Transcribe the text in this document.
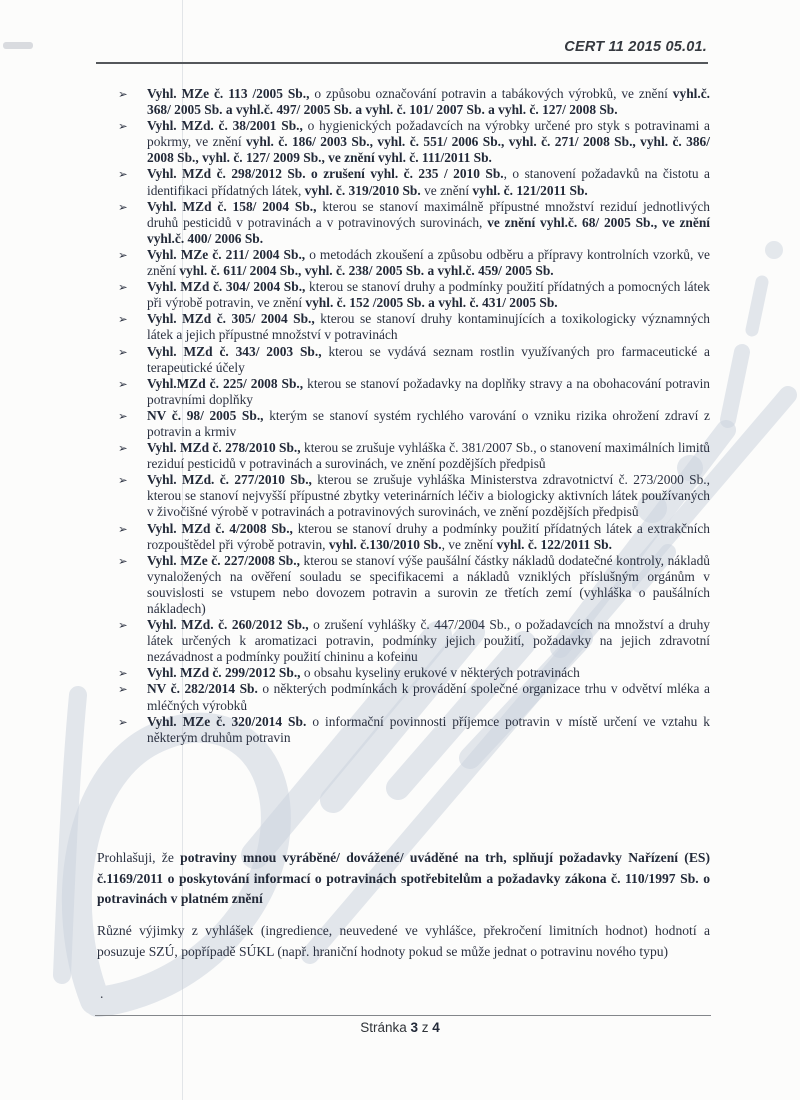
CERT 11 2015 05.01.
➢ Vyhl. MZe č. 113 /2005 Sb., o způsobu označování potravin a tabákových výrobků, ve znění vyhl.č. 368/ 2005 Sb. a vyhl.č. 497/ 2005 Sb. a vyhl. č. 101/ 2007 Sb. a vyhl. č. 127/ 2008 Sb.
➢ Vyhl. MZd. č. 38/2001 Sb., o hygienických požadavcích na výrobky určené pro styk s potravinami a pokrmy, ve znění vyhl. č. 186/ 2003 Sb., vyhl. č. 551/ 2006 Sb., vyhl. č. 271/ 2008 Sb., vyhl. č. 386/ 2008 Sb., vyhl. č. 127/ 2009 Sb., ve znění vyhl. č. 111/2011 Sb.
➢ Vyhl. MZd č. 298/2012 Sb. o zrušení vyhl. č. 235 / 2010 Sb., o stanovení požadavků na čistotu a identifikaci přídatných látek, vyhl. č. 319/2010 Sb. ve znění vyhl. č. 121/2011 Sb.
➢ Vyhl. MZd č. 158/ 2004 Sb., kterou se stanoví maximálně přípustné množství reziduí jednotlivých druhů pesticidů v potravinách a v potravinových surovinách, ve znění vyhl.č. 68/ 2005 Sb., ve znění vyhl.č. 400/ 2006 Sb.
➢ Vyhl. MZe č. 211/ 2004 Sb., o metodách zkoušení a způsobu odběru a přípravy kontrolních vzorků, ve znění vyhl. č. 611/ 2004 Sb., vyhl. č. 238/ 2005 Sb. a vyhl.č. 459/ 2005 Sb.
➢ Vyhl. MZd č. 304/ 2004 Sb., kterou se stanoví druhy a podmínky použití přídatných a pomocných látek při výrobě potravin, ve znění vyhl. č. 152 /2005 Sb. a vyhl. č. 431/ 2005 Sb.
➢ Vyhl. MZd č. 305/ 2004 Sb., kterou se stanoví druhy kontaminujících a toxikologicky významných látek a jejich přípustné množství v potravinách
➢ Vyhl. MZd č. 343/ 2003 Sb., kterou se vydává seznam rostlin využívaných pro farmaceutické a terapeutické účely
➢ Vyhl.MZd č. 225/ 2008 Sb., kterou se stanoví požadavky na doplňky stravy a na obohacování potravin potravními doplňky
➢ NV č. 98/ 2005 Sb., kterým se stanoví systém rychlého varování o vzniku rizika ohrožení zdraví z potravin a krmiv
➢ Vyhl. MZd č. 278/2010 Sb., kterou se zrušuje vyhláška č. 381/2007 Sb., o stanovení maximálních limitů reziduí pesticidů v potravinách a surovinách, ve znění pozdějších předpisů
➢ Vyhl. MZd. č. 277/2010 Sb., kterou se zrušuje vyhláška Ministerstva zdravotnictví č. 273/2000 Sb., kterou se stanoví nejvyšší přípustné zbytky veterinárních léčiv a biologicky aktivních látek používaných v živočišné výrobě v potravinách a potravinových surovinách, ve znění pozdějších předpisů
➢ Vyhl. MZd č. 4/2008 Sb., kterou se stanoví druhy a podmínky použití přídatných látek a extrakčních rozpouštědel při výrobě potravin, vyhl. č.130/2010 Sb., ve znění vyhl. č. 122/2011 Sb.
➢ Vyhl. MZe č. 227/2008 Sb., kterou se stanoví výše paušální částky nákladů dodatečné kontroly, nákladů vynaložených na ověření souladu se specifikacemi a nákladů vzniklých příslušným orgánům v souvislosti se vstupem nebo dovozem potravin a surovin ze třetích zemí (vyhláška o paušálních nákladech)
➢ Vyhl. MZd. č. 260/2012 Sb., o zrušení vyhlášky č. 447/2004 Sb., o požadavcích na množství a druhy látek určených k aromatizaci potravin, podmínky jejich použití, požadavky na jejich zdravotní nezávadnost a podmínky použití chininu a kofeinu
➢ Vyhl. MZd č. 299/2012 Sb., o obsahu kyseliny erukové v některých potravinách
➢ NV č. 282/2014 Sb. o některých podmínkách k provádění společné organizace trhu v odvětví mléka a mléčných výrobků
➢ Vyhl. MZe č. 320/2014 Sb. o informační povinnosti příjemce potravin v místě určení ve vztahu k některým druhům potravin

Prohlašuji, že potraviny mnou vyráběné/ dovážené/ uváděné na trh, splňují požadavky Nařízení (ES) č.1169/2011 o poskytování informací o potravinách spotřebitelům a požadavky zákona č. 110/1997 Sb. o potravinách v platném znění

Různé výjimky z vyhlášek (ingredience, neuvedené ve vyhlášce, překročení limitních hodnot) hodnotí a posuzuje SZÚ, popřípadě SÚKL (např. hraniční hodnoty pokud se může jednat o potravinu nového typu)

.
Stránka 3 z 4
